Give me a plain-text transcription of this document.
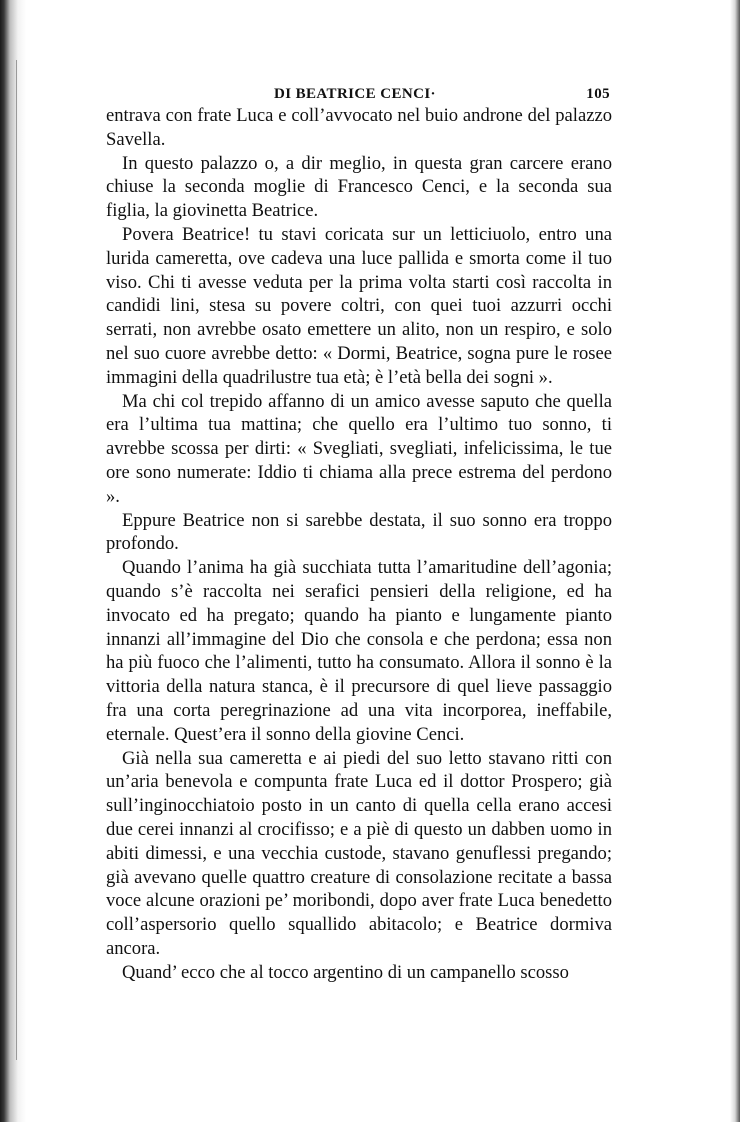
DI BEATRICE CENCI·	105

entrava con frate Luca e coll’avvocato nel buio androne del palazzo Savella.

In questo palazzo o, a dir meglio, in questa gran carcere erano chiuse la seconda moglie di Francesco Cenci, e la seconda sua figlia, la giovinetta Beatrice.

Povera Beatrice! tu stavi coricata sur un letticiuolo, entro una lurida cameretta, ove cadeva una luce pallida e smorta come il tuo viso. Chi ti avesse veduta per la prima volta starti così raccolta in candidi lini, stesa su povere coltri, con quei tuoi azzurri occhi serrati, non avrebbe osato emettere un alito, non un respiro, e solo nel suo cuore avrebbe detto: « Dormi, Beatrice, sogna pure le rosee immagini della quadrilustre tua età; è l’età bella dei sogni ».

Ma chi col trepido affanno di un amico avesse saputo che quella era l’ultima tua mattina; che quello era l’ultimo tuo sonno, ti avrebbe scossa per dirti: « Svegliati, svegliati, infelicissima, le tue ore sono numerate: Iddio ti chiama alla prece estrema del perdono ».

Eppure Beatrice non si sarebbe destata, il suo sonno era troppo profondo.

Quando l’anima ha già succhiata tutta l’amaritudine dell’agonia; quando s’è raccolta nei serafici pensieri della religione, ed ha invocato ed ha pregato; quando ha pianto e lungamente pianto innanzi all’immagine del Dio che consola e che perdona; essa non ha più fuoco che l’alimenti, tutto ha consumato. Allora il sonno è la vittoria della natura stanca, è il precursore di quel lieve passaggio fra una corta peregrinazione ad una vita incorporea, ineffabile, eternale. Quest’era il sonno della giovine Cenci.

Già nella sua cameretta e ai piedi del suo letto stavano ritti con un’aria benevola e compunta frate Luca ed il dottor Prospero; già sull’inginocchiatoio posto in un canto di quella cella erano accesi due cerei innanzi al crocifisso; e a piè di questo un dabben uomo in abiti dimessi, e una vecchia custode, stavano genuflessi pregando; già avevano quelle quattro creature di consolazione recitate a bassa voce alcune orazioni pe’ moribondi, dopo aver frate Luca benedetto coll’aspersorio quello squallido abitacolo; e Beatrice dormiva ancora.

Quand’ ecco che al tocco argentino di un campanello scosso
